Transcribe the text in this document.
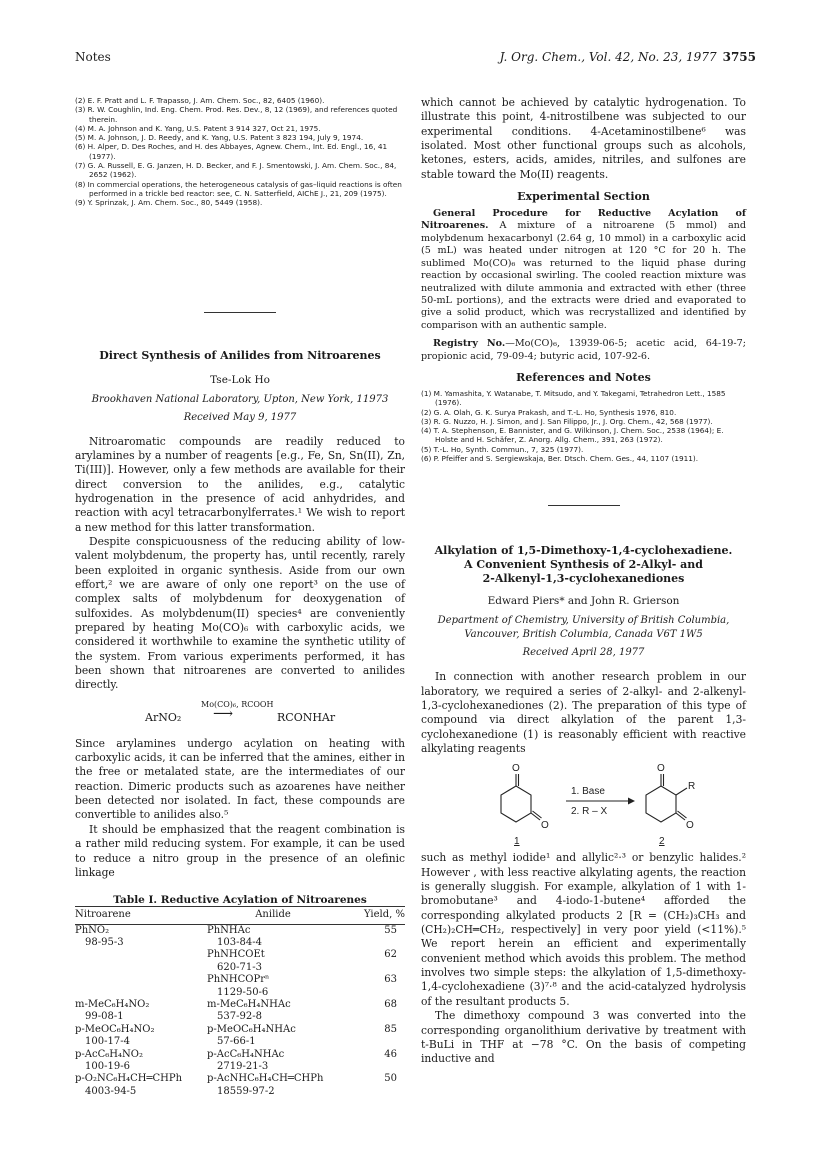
Notes	J. Org. Chem., Vol. 42, No. 23, 1977 3755
(2) E. F. Pratt and L. F. Trapasso, J. Am. Chem. Soc., 82, 6405 (1960).
(3) R. W. Coughlin, Ind. Eng. Chem. Prod. Res. Dev., 8, 12 (1969), and references quoted therein.
(4) M. A. Johnson and K. Yang, U.S. Patent 3 914 327, Oct 21, 1975.
(5) M. A. Johnson, J. D. Reedy, and K. Yang, U.S. Patent 3 823 194, July 9, 1974.
(6) H. Alper, D. Des Roches, and H. des Abbayes, Agnew. Chem., Int. Ed. Engl., 16, 41 (1977).
(7) G. A. Russell, E. G. Janzen, H. D. Becker, and F. J. Smentowski, J. Am. Chem. Soc., 84, 2652 (1962).
(8) In commercial operations, the heterogeneous catalysis of gas–liquid reactions is often performed in a trickle bed reactor: see, C. N. Satterfield, AIChE J., 21, 209 (1975).
(9) Y. Sprinzak, J. Am. Chem. Soc., 80, 5449 (1958).
Direct Synthesis of Anilides from Nitroarenes
Tse-Lok Ho
Brookhaven National Laboratory, Upton, New York, 11973
Received May 9, 1977

Nitroaromatic compounds are readily reduced to arylamines by a number of reagents [e.g., Fe, Sn, Sn(II), Zn, Ti(III)]. However, only a few methods are available for their direct conversion to the anilides, e.g., catalytic hydrogenation in the presence of acid anhydrides, and reaction with acyl tetracarbonylferrates.¹ We wish to report a new method for this latter transformation.

Despite conspicuousness of the reducing ability of low-valent molybdenum, the property has, until recently, rarely been exploited in organic synthesis. Aside from our own effort,² we are aware of only one report³ on the use of complex salts of molybdenum for deoxygenation of sulfoxides. As molybdenum(II) species⁴ are conveniently prepared by heating Mo(CO)₆ with carboxylic acids, we considered it worthwhile to examine the synthetic utility of the system. From various experiments performed, it has been shown that nitroarenes are converted to anilides directly.

ArNO₂
Mo(CO)₆, RCOOH
⟶	RCONHAr

Since arylamines undergo acylation on heating with carboxylic acids, it can be inferred that the amines, either in the free or metalated state, are the intermediates of our reaction. Dimeric products such as azoarenes have neither been detected nor isolated. In fact, these compounds are convertible to anilides also.⁵

It should be emphasized that the reagent combination is a rather mild reducing system. For example, it can be used to reduce a nitro group in the presence of an olefinic linkage

Table I. Reductive Acylation of Nitroarenes
Nitroarene	Anilide	Yield, %
PhNO₂	PhNHAc	55
98-95-3	103-84-4	
	PhNHCOEt	62
	620-71-3	
	PhNHCOPrⁿ	63
	1129-50-6	
m-MeC₆H₄NO₂	m-MeC₆H₄NHAc	68
99-08-1	537-92-8	
p-MeOC₆H₄NO₂	p-MeOC₆H₄NHAc	85
100-17-4	57-66-1	
p-AcC₆H₄NO₂	p-AcC₆H₄NHAc	46
100-19-6	2719-21-3	
p-O₂NC₆H₄CH═CHPh	p-AcNHC₆H₄CH═CHPh	50
4003-94-5	18559-97-2	

which cannot be achieved by catalytic hydrogenation. To illustrate this point, 4-nitrostilbene was subjected to our experimental conditions. 4-Acetaminostilbene⁶ was isolated. Most other functional groups such as alcohols, ketones, esters, acids, amides, nitriles, and sulfones are stable toward the Mo(II) reagents.

Experimental Section

General Procedure for Reductive Acylation of Nitroarenes. A mixture of a nitroarene (5 mmol) and molybdenum hexacarbonyl (2.64 g, 10 mmol) in a carboxylic acid (5 mL) was heated under nitrogen at 120 °C for 20 h. The sublimed Mo(CO)₆ was returned to the liquid phase during reaction by occasional swirling. The cooled reaction mixture was neutralized with dilute ammonia and extracted with ether (three 50-mL portions), and the extracts were dried and evaporated to give a solid product, which was recrystallized and identified by comparison with an authentic sample.

Registry No.—Mo(CO)₆, 13939-06-5; acetic acid, 64-19-7; propionic acid, 79-09-4; butyric acid, 107-92-6.

References and Notes
(1) M. Yamashita, Y. Watanabe, T. Mitsudo, and Y. Takegami, Tetrahedron Lett., 1585 (1976).
(2) G. A. Olah, G. K. Surya Prakash, and T.-L. Ho, Synthesis 1976, 810.
(3) R. G. Nuzzo, H. J. Simon, and J. San Filippo, Jr., J. Org. Chem., 42, 568 (1977).
(4) T. A. Stephenson, E. Bannister, and G. Wilkinson, J. Chem. Soc., 2538 (1964); E. Holste and H. Schäfer, Z. Anorg. Allg. Chem., 391, 263 (1972).
(5) T.-L. Ho, Synth. Commun., 7, 325 (1977).
(6) P. Pfeiffer and S. Sergiewskaja, Ber. Dtsch. Chem. Ges., 44, 1107 (1911).
Alkylation of 1,5-Dimethoxy-1,4-cyclohexadiene.
A Convenient Synthesis of 2-Alkyl- and
2-Alkenyl-1,3-cyclohexanediones
Edward Piers* and John R. Grierson
Department of Chemistry, University of British Columbia,
Vancouver, British Columbia, Canada V6T 1W5
Received April 28, 1977

In connection with another research problem in our laboratory, we required a series of 2-alkyl- and 2-alkenyl-1,3-cyclohexanediones (2). The preparation of this type of compound via direct alkylation of the parent 1,3-cyclohexanedione (1) is reasonably efficient with reactive alkylating reagents

O
O
1
1. Base
2. R – X
O
R
O
2

such as methyl iodide¹ and allylic²·³ or benzylic halides.² However , with less reactive alkylating agents, the reaction is generally sluggish. For example, alkylation of 1 with 1-bromobutane³ and 4-iodo-1-butene⁴ afforded the corresponding alkylated products 2 [R = (CH₂)₃CH₃ and (CH₂)₂CH═CH₂, respectively] in very poor yield (<11%).⁵ We report herein an efficient and experimentally convenient method which avoids this problem. The method involves two simple steps: the alkylation of 1,5-dimethoxy-1,4-cyclohexadiene (3)⁷·⁸ and the acid-catalyzed hydrolysis of the resultant products 5.

The dimethoxy compound 3 was converted into the corresponding organolithium derivative by treatment with t-BuLi in THF at −78 °C. On the basis of competing inductive and
